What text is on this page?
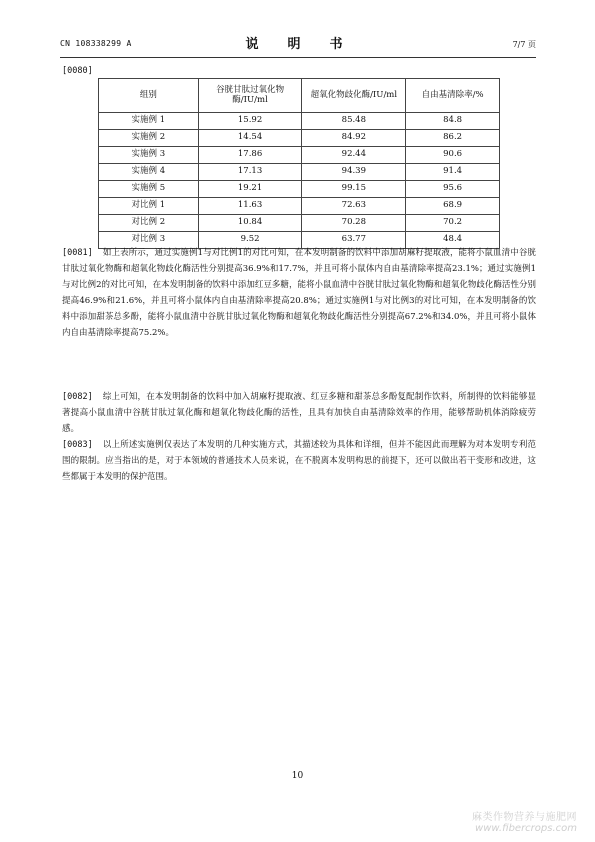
CN 108338299 A	说　明　书	7/7 页
[0080]
组别	谷胱甘肽过氧化物酶/IU/ml	超氧化物歧化酶/IU/ml	自由基清除率/%
实施例 1	15.92	85.48	84.8
实施例 2	14.54	84.92	86.2
实施例 3	17.86	92.44	90.6
实施例 4	17.13	94.39	91.4
实施例 5	19.21	99.15	95.6
对比例 1	11.63	72.63	68.9
对比例 2	10.84	70.28	70.2
对比例 3	9.52	63.77	48.4
[0081] 如上表所示，通过实施例1与对比例1的对比可知，在本发明制备的饮料中添加胡麻籽提取液，能将小鼠血清中谷胱甘肽过氧化物酶和超氧化物歧化酶活性分别提高36.9%和17.7%，并且可将小鼠体内自由基清除率提高23.1%；通过实施例1与对比例2的对比可知，在本发明制备的饮料中添加红豆多糖，能将小鼠血清中谷胱甘肽过氧化物酶和超氧化物歧化酶活性分别提高46.9%和21.6%，并且可将小鼠体内自由基清除率提高20.8%；通过实施例1与对比例3的对比可知，在本发明制备的饮料中添加甜茶总多酚，能将小鼠血清中谷胱甘肽过氧化物酶和超氧化物歧化酶活性分别提高67.2%和34.0%，并且可将小鼠体内自由基清除率提高75.2%。
[0082] 综上可知，在本发明制备的饮料中加入胡麻籽提取液、红豆多糖和甜茶总多酚复配制作饮料，所制得的饮料能够显著提高小鼠血清中谷胱甘肽过氧化酶和超氧化物歧化酶的活性，且具有加快自由基清除效率的作用，能够帮助机体消除疲劳感。
[0083] 以上所述实施例仅表达了本发明的几种实施方式，其描述较为具体和详细，但并不能因此而理解为对本发明专利范围的限制。应当指出的是，对于本领域的普通技术人员来说，在不脱离本发明构思的前提下，还可以做出若干变形和改进，这些都属于本发明的保护范围。
10
麻类作物营养与施肥网
www.fibercrops.com
